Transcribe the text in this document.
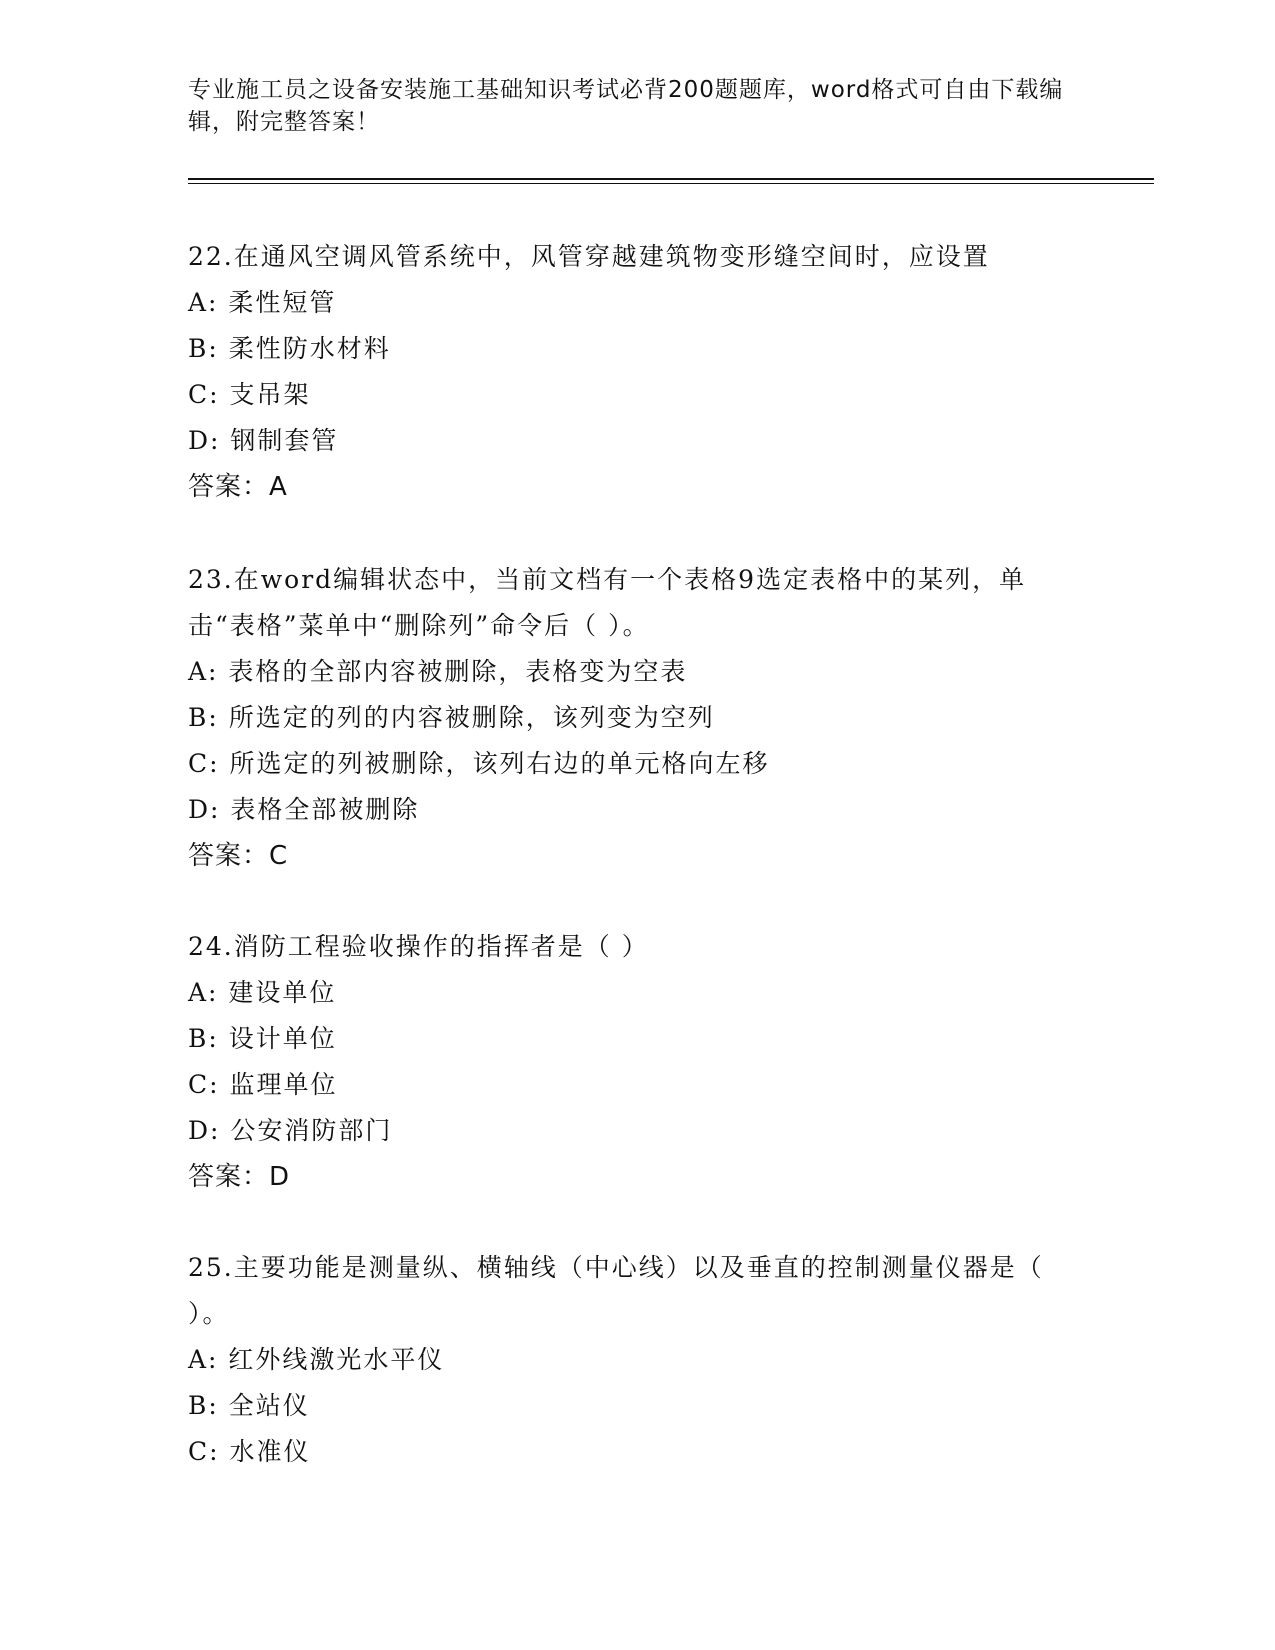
专业施工员之设备安装施工基础知识考试必背200题题库，word格式可自由下载编辑，附完整答案！

22.在通风空调风管系统中，风管穿越建筑物变形缝空间时，应设置

A: 柔性短管

B: 柔性防水材料

C: 支吊架

D: 钢制套管

答案：A

23.在word编辑状态中，当前文档有一个表格9选定表格中的某列，单击“表格”菜单中“删除列”命令后（ ）。

A: 表格的全部内容被删除，表格变为空表

B: 所选定的列的内容被删除，该列变为空列

C: 所选定的列被删除，该列右边的单元格向左移

D: 表格全部被删除

答案：C

24.消防工程验收操作的指挥者是（ ）

A: 建设单位

B: 设计单位

C: 监理单位

D: 公安消防部门

答案：D

25.主要功能是测量纵、横轴线（中心线）以及垂直的控制测量仪器是（ ）。

A: 红外线激光水平仪

B: 全站仪

C: 水准仪
